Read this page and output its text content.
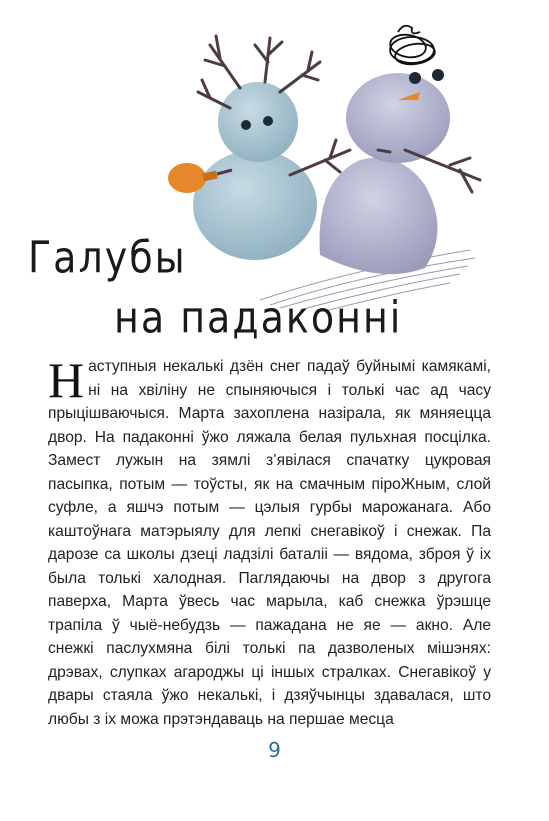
Галубы
на падаконні
Н аступныя некалькі дзён снег падаў буйнымі камякамі, ні на хвіліну не спыняючыся і толькі час ад часу прыцішваючыся. Марта захоплена назірала, як мяняецца двор. На падаконні ўжо ляжала белая пульхная посцілка. Замест лужын на зямлі з’явілася спачатку цукровая пасыпка, потым — тоўсты, як на смачным піроЖным, слой суфле, а яшчэ потым — цэлыя гурбы марожанага. Або каштоўнага матэрыялу для лепкі снегавікоў і снежак. Па дарозе са школы дзеці ладзілі баталіі — вядома, зброя ў іх была толькі халодная. Паглядаючы на двор з другога паверха, Марта ўвесь час марыла, каб снежка ўрэшце трапіла ў чыё-небудзь — пажадана не яе — акно. Але снежкі паслухмяна білі толькі па дазволеных мішэнях: дрэвах, слупках агароджы ці іншых стралках. Снегавікоў у двары стаяла ўжо некалькі, і дзяўчынцы здавалася, што любы з іх можа прэтэндаваць на першае месца

9
